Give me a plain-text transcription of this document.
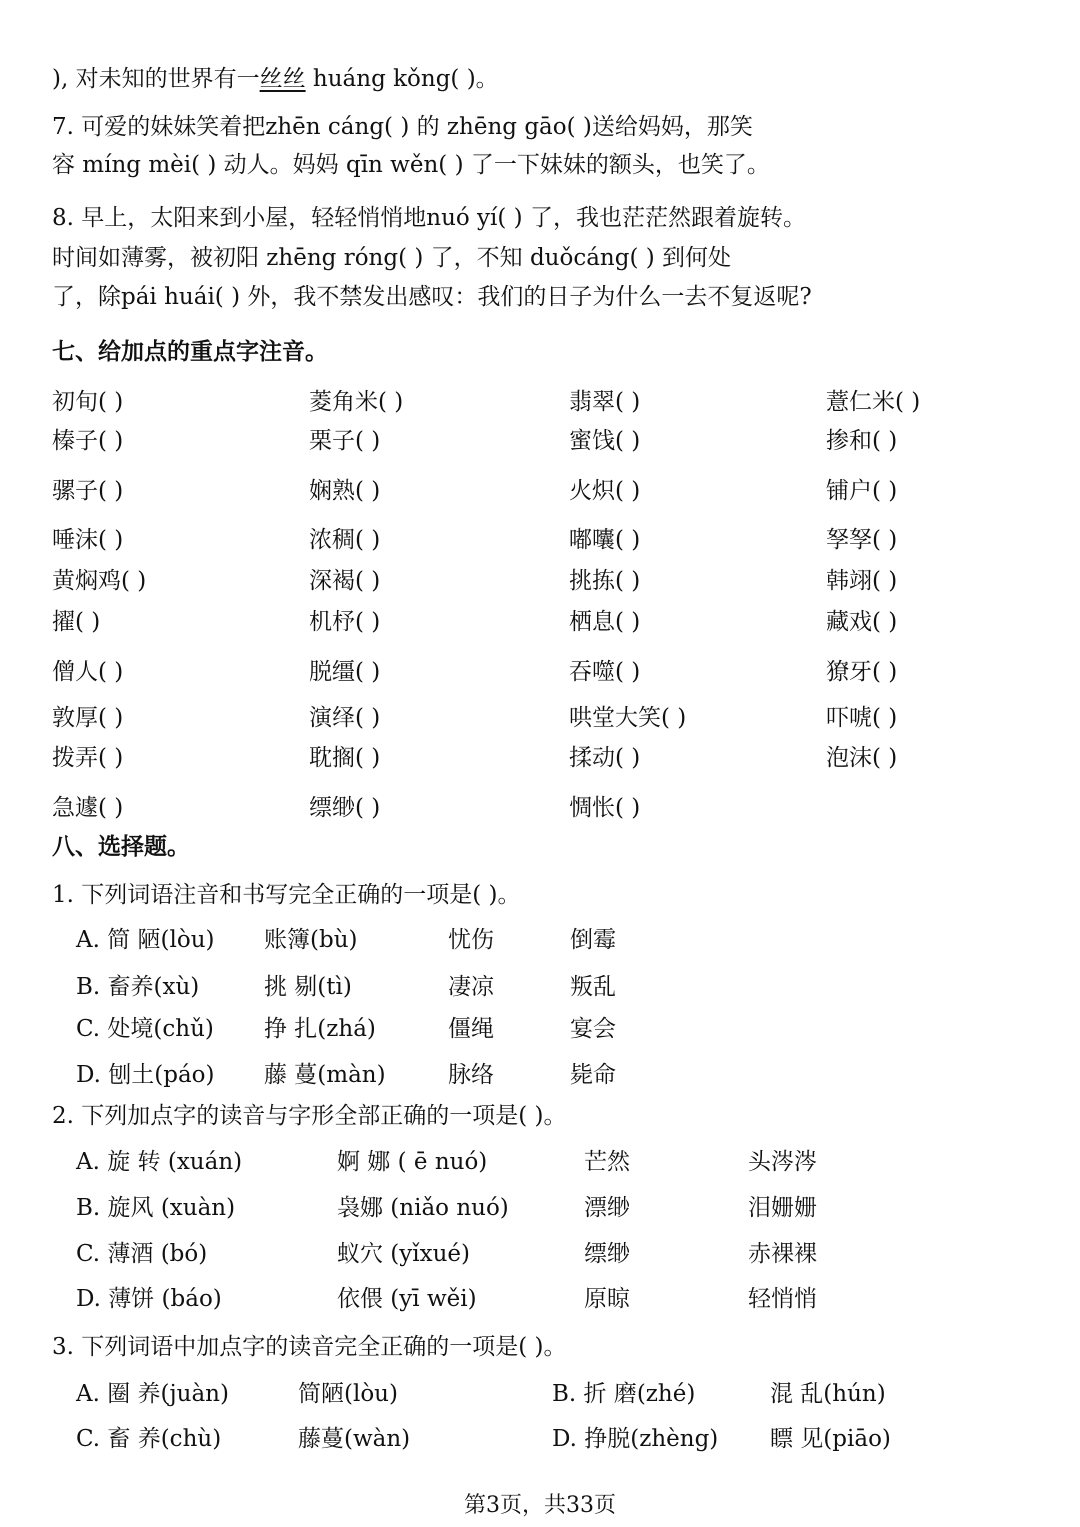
), 对未知的世界有一丝丝 huáng kǒng( )。
7. 可爱的妹妹笑着把zhēn cáng( ) 的 zhēng gāo( )送给妈妈，那笑
容 míng mèi( ) 动人。妈妈 qīn wěn( ) 了一下妹妹的额头，也笑了。
8. 早上，太阳来到小屋，轻轻悄悄地nuó yí( ) 了，我也茫茫然跟着旋转。
时间如薄雾，被初阳 zhēng róng( ) 了，不知 duǒcáng( ) 到何处
了，除pái huái( ) 外，我不禁发出感叹：我们的日子为什么一去不复返呢?
七、给加点的重点字注音。
初旬( )	菱角米( )	翡翠( )	薏仁米( )
榛子( )	栗子( )	蜜饯( )	掺和( )
骡子( )	娴熟( )	火炽( )	铺户( )
唾沫( )	浓稠( )	嘟囔( )	孥孥( )
黄焖鸡( )	深褐( )	挑拣( )	韩翊( )
擢( )	机杼( )	栖息( )	藏戏( )
僧人( )	脱缰( )	吞噬( )	獠牙( )
敦厚( )	演绎( )	哄堂大笑( )	吓唬( )
拨弄( )	耽搁( )	揉动( )	泡沫( )
急遽( )	缥缈( )	惆怅( )
八、选择题。
1. 下列词语注音和书写完全正确的一项是( )。
A. 简 陋(lòu) 账簿(bù)	忧伤	倒霉
B. 畜养(xù)	挑 剔(tì)	凄凉	叛乱
C. 处境(chǔ) 挣 扎(zhá)	僵绳	宴会
D. 刨土(páo) 藤 蔓(màn)	脉络	毙命
2. 下列加点字的读音与字形全部正确的一项是( )。
A. 旋 转 (xuán)	婀 娜 ( ē nuó)	芒然	头涔涔
B. 旋风 (xuàn)	袅娜 (niǎo nuó)	漂缈	泪姗姗
C. 薄酒 (bó)	蚁穴 (yǐxué)	缥缈	赤裸裸
D. 薄饼 (báo)	依偎 (yī wěi)	原晾	轻悄悄
3. 下列词语中加点字的读音完全正确的一项是( )。
A. 圈 养(juàn)	简陋(lòu)	B. 折 磨(zhé)	混 乱(hún)
C. 畜 养(chù)	藤蔓(wàn)	D. 挣脱(zhèng) 瞟 见(piāo)
第3页，共33页
